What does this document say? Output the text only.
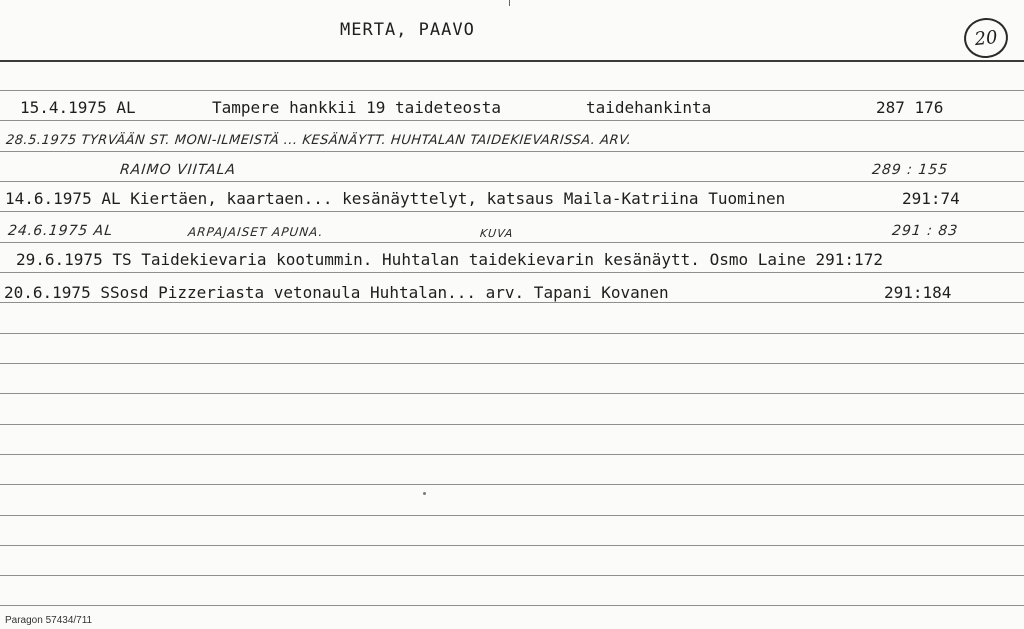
MERTA, PAAVO	20
15.4.1975 AL	Tampere hankkii 19 taideteosta	taidehankinta	287 176
28.5.1975 TYRVÄÄN ST. MONI-ILMEISTÄ ... KESÄNÄYTT. HUHTALAN TAIDEKIEVARISSA. ARV.
RAIMO VIITALA	289 : 155
14.6.1975 AL Kiertäen, kaartaen... kesänäyttelyt, katsaus Maila-Katriina Tuominen	291:74
24.6.1975 AL	ARPAJAISET APUNA.	KUVA	291 : 83
29.6.1975 TS Taidekievaria kootummin. Huhtalan taidekievarin kesänäytt. Osmo Laine 291:172
20.6.1975 SSosd Pizzeriasta vetonaula Huhtalan... arv. Tapani Kovanen	291:184
Paragon 57434/711
